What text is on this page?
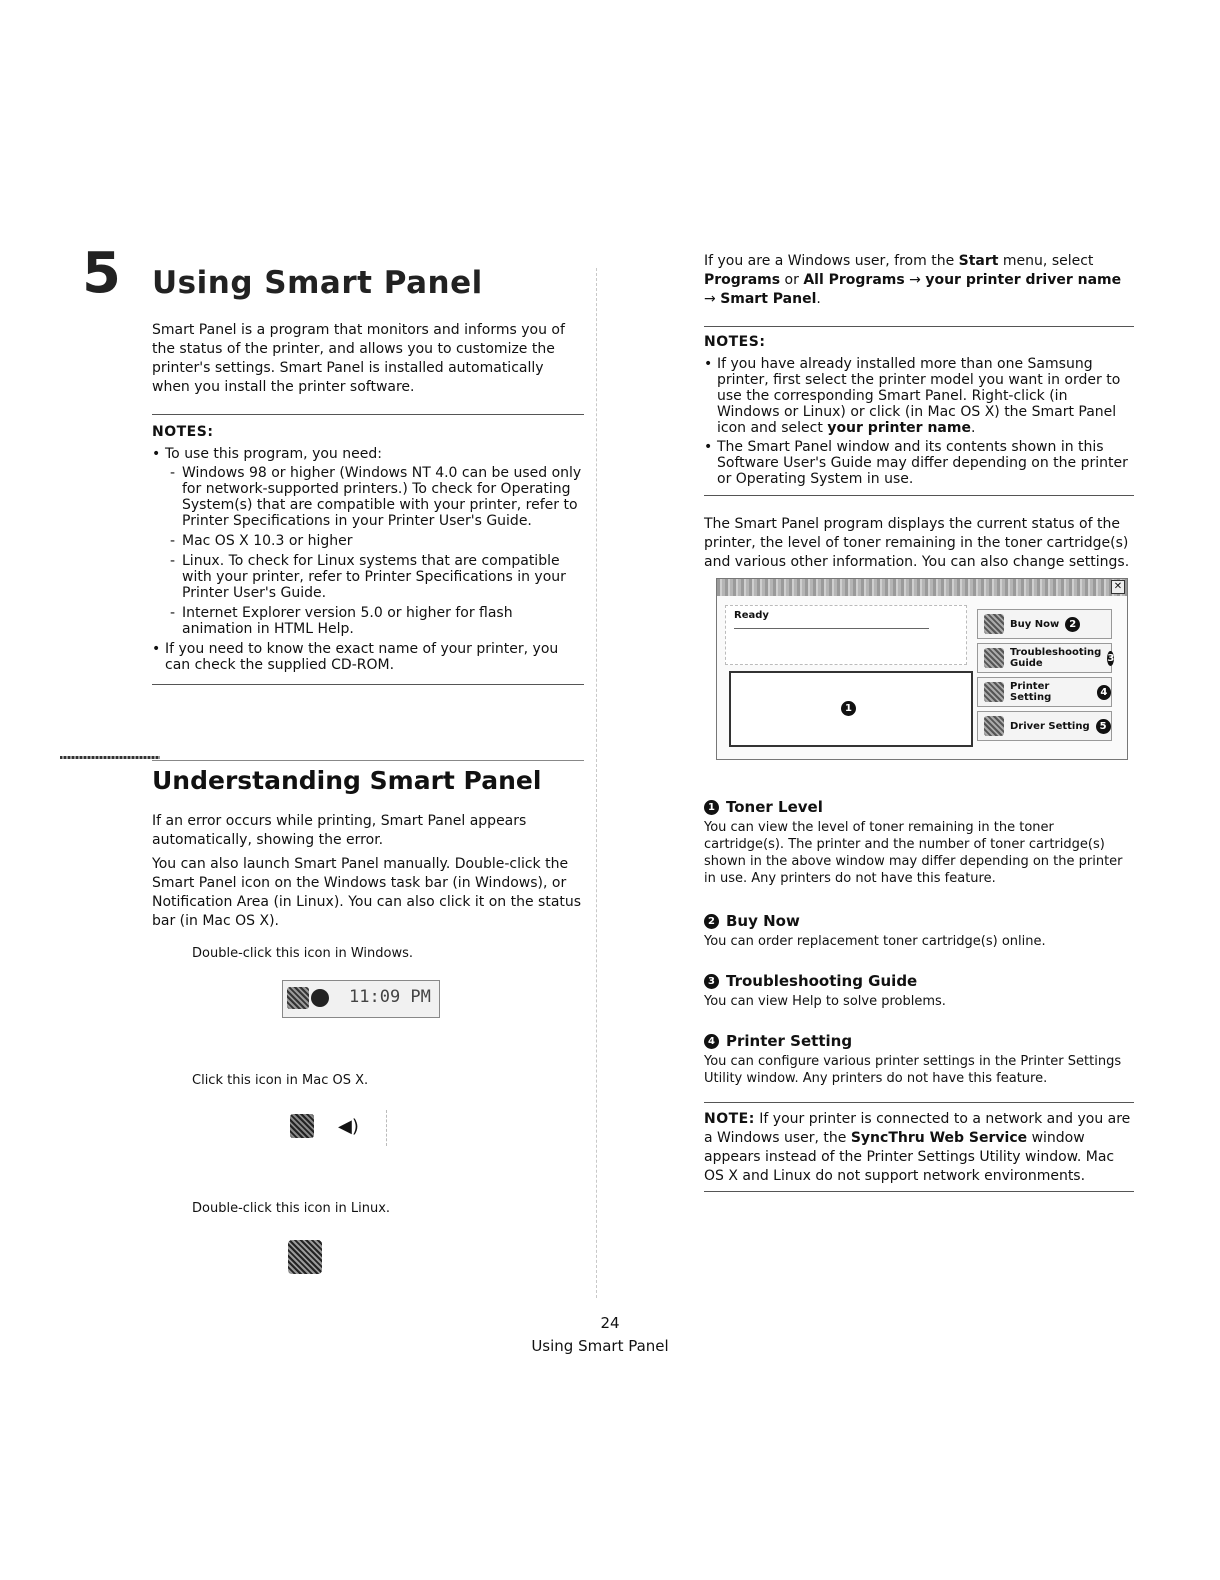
5 Using Smart Panel

Smart Panel is a program that monitors and informs you of the status of the printer, and allows you to customize the printer's settings. Smart Panel is installed automatically when you install the printer software.

NOTES:
• To use this program, you need:
- Windows 98 or higher (Windows NT 4.0 can be used only for network-supported printers.) To check for Operating System(s) that are compatible with your printer, refer to Printer Specifications in your Printer User's Guide.
- Mac OS X 10.3 or higher
- Linux. To check for Linux systems that are compatible with your printer, refer to Printer Specifications in your Printer User's Guide.
- Internet Explorer version 5.0 or higher for flash animation in HTML Help.
• If you need to know the exact name of your printer, you can check the supplied CD-ROM.
Understanding Smart Panel

If an error occurs while printing, Smart Panel appears automatically, showing the error.

You can also launch Smart Panel manually. Double-click the Smart Panel icon on the Windows task bar (in Windows), or Notification Area (in Linux). You can also click it on the status bar (in Mac OS X).

Double-click this icon in Windows.

11:09 PM

Click this icon in Mac OS X.

◀︎)

Double-click this icon in Linux.

If you are a Windows user, from the Start menu, select Programs or All Programs → your printer driver name → Smart Panel.

NOTES:
• If you have already installed more than one Samsung printer, first select the printer model you want in order to use the corresponding Smart Panel. Right-click (in Windows or Linux) or click (in Mac OS X) the Smart Panel icon and select your printer name.
• The Smart Panel window and its contents shown in this Software User's Guide may differ depending on the printer or Operating System in use.

The Smart Panel program displays the current status of the printer, the level of toner remaining in the toner cartridge(s) and various other information. You can also change settings.

✕
Ready
1
Buy Now	2
Troubleshooting Guide	3
Printer Setting	4
Driver Setting	5
1 Toner Level

You can view the level of toner remaining in the toner cartridge(s). The printer and the number of toner cartridge(s) shown in the above window may differ depending on the printer in use. Any printers do not have this feature.

2 Buy Now

You can order replacement toner cartridge(s) online.

3 Troubleshooting Guide

You can view Help to solve problems.

4 Printer Setting

You can configure various printer settings in the Printer Settings Utility window. Any printers do not have this feature.

NOTE: If your printer is connected to a network and you are a Windows user, the SyncThru Web Service window appears instead of the Printer Settings Utility window. Mac OS X and Linux do not support network environments.

24
Using Smart Panel
